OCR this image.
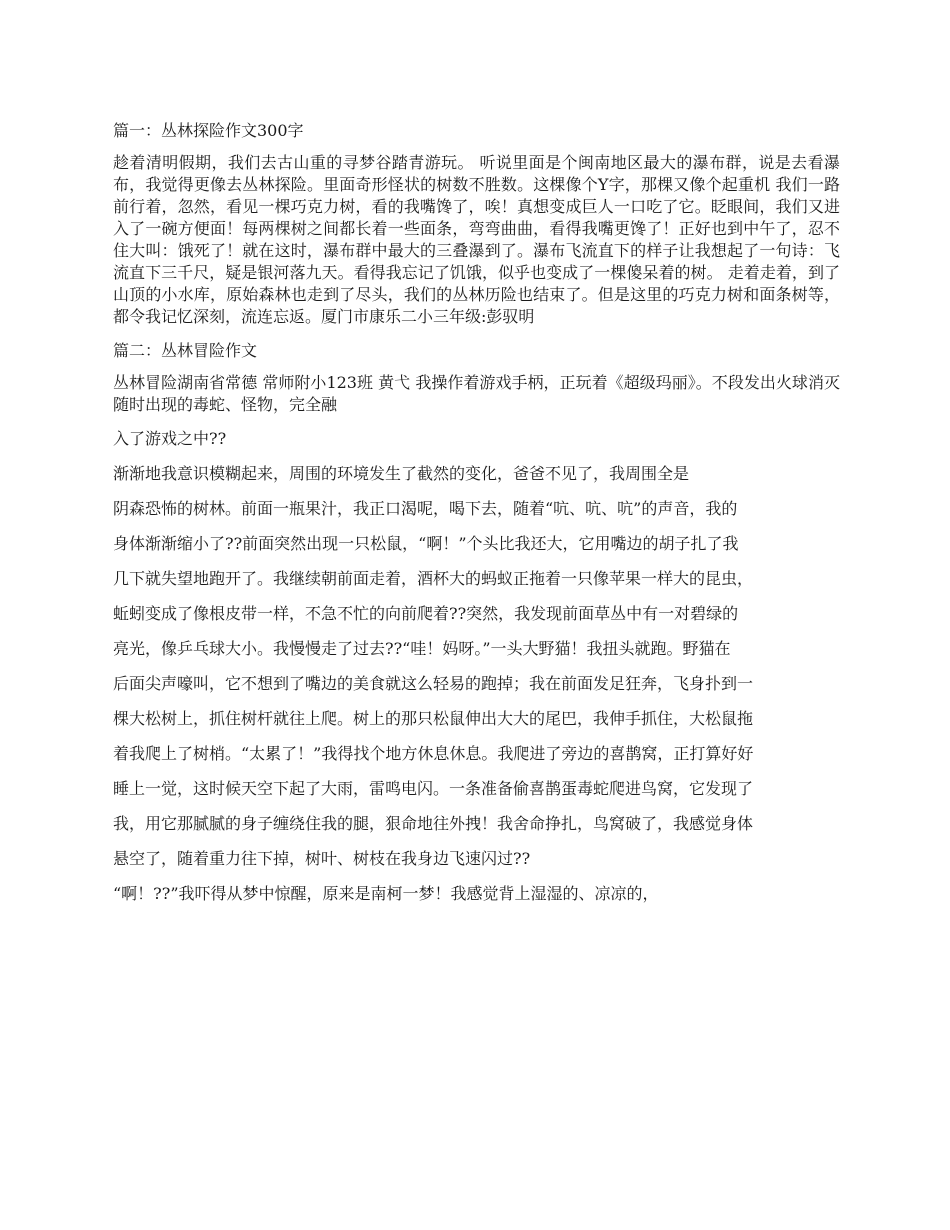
篇一：丛林探险作文300字
趁着清明假期，我们去古山重的寻梦谷踏青游玩。 听说里面是个闽南地区最大的瀑布群，说是去看瀑布，我觉得更像去丛林探险。里面奇形怪状的树数不胜数。这棵像个Y字，那棵又像个起重机 我们一路前行着，忽然，看见一棵巧克力树，看的我嘴馋了，唉！真想变成巨人一口吃了它。眨眼间，我们又进入了一碗方便面！每两棵树之间都长着一些面条，弯弯曲曲，看得我嘴更馋了！正好也到中午了，忍不住大叫：饿死了！就在这时，瀑布群中最大的三叠瀑到了。瀑布飞流直下的样子让我想起了一句诗：飞流直下三千尺，疑是银河落九天。看得我忘记了饥饿，似乎也变成了一棵傻呆着的树。 走着走着，到了山顶的小水库，原始森林也走到了尽头，我们的丛林历险也结束了。但是这里的巧克力树和面条树等，都令我记忆深刻，流连忘返。厦门市康乐二小三年级:彭驭明
篇二：丛林冒险作文
丛林冒险湖南省常德 常师附小123班 黄弋 我操作着游戏手柄，正玩着《超级玛丽》。不段发出火球消灭随时出现的毒蛇、怪物，完全融
入了游戏之中??
渐渐地我意识模糊起来，周围的环境发生了截然的变化，爸爸不见了，我周围全是
阴森恐怖的树林。前面一瓶果汁，我正口渴呢，喝下去，随着“吭、吭、吭”的声音，我的
身体渐渐缩小了??前面突然出现一只松鼠，“啊！”个头比我还大，它用嘴边的胡子扎了我
几下就失望地跑开了。我继续朝前面走着，酒杯大的蚂蚁正拖着一只像苹果一样大的昆虫，
蚯蚓变成了像根皮带一样，不急不忙的向前爬着??突然，我发现前面草丛中有一对碧绿的
亮光，像乒乓球大小。我慢慢走了过去??“哇！妈呀。”一头大野猫！我扭头就跑。野猫在
后面尖声嚎叫，它不想到了嘴边的美食就这么轻易的跑掉；我在前面发足狂奔，飞身扑到一
棵大松树上，抓住树杆就往上爬。树上的那只松鼠伸出大大的尾巴，我伸手抓住，大松鼠拖
着我爬上了树梢。“太累了！”我得找个地方休息休息。我爬进了旁边的喜鹊窝，正打算好好
睡上一觉，这时候天空下起了大雨，雷鸣电闪。一条准备偷喜鹊蛋毒蛇爬进鸟窝，它发现了
我，用它那腻腻的身子缠绕住我的腿，狠命地往外拽！我舍命挣扎，鸟窝破了，我感觉身体
悬空了，随着重力往下掉，树叶、树枝在我身边飞速闪过??
“啊！??”我吓得从梦中惊醒，原来是南柯一梦！我感觉背上湿湿的、凉凉的，
